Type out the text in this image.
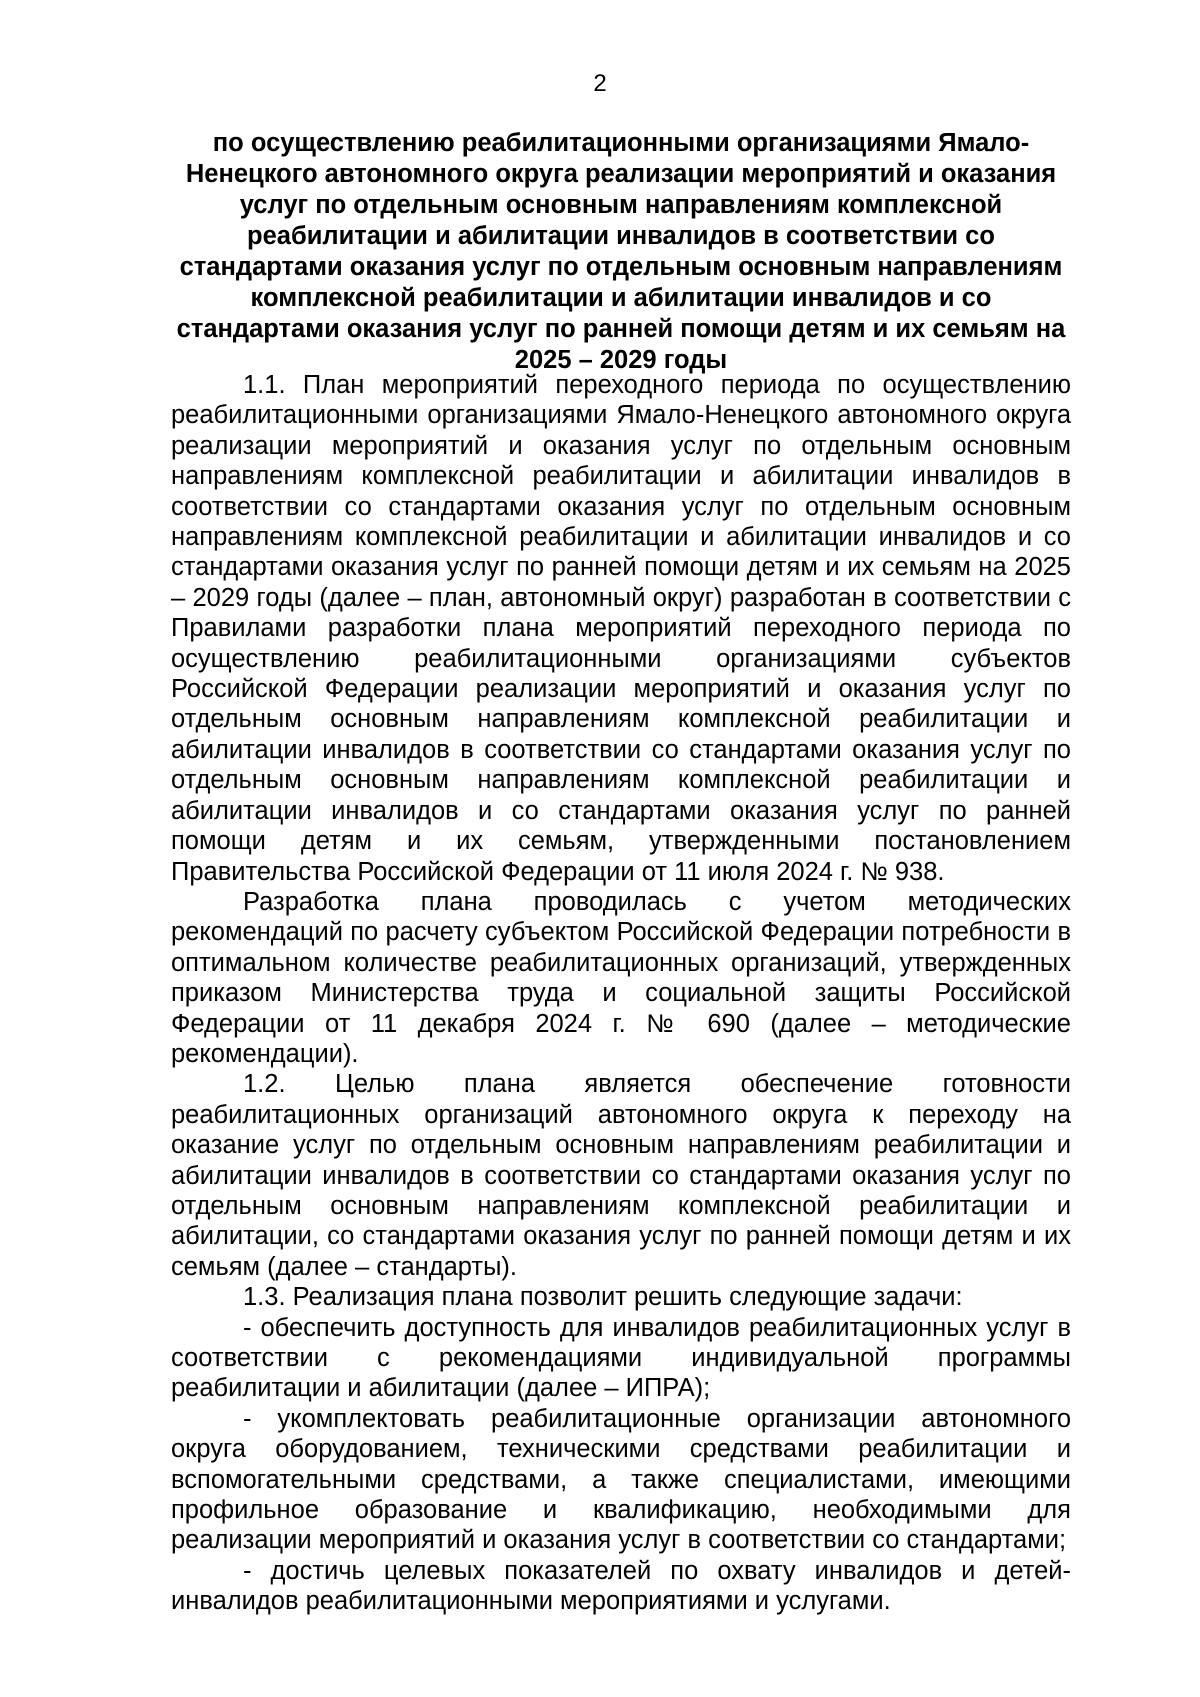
2
по осуществлению реабилитационными организациями Ямало-Ненецкого автономного округа реализации мероприятий и оказания услуг по отдельным основным направлениям комплексной реабилитации и абилитации инвалидов в соответствии со стандартами оказания услуг по отдельным основным направлениям комплексной реабилитации и абилитации инвалидов и со стандартами оказания услуг по ранней помощи детям и их семьям на 2025 – 2029 годы

1.1. План мероприятий переходного периода по осуществлению реабилитационными организациями Ямало-Ненецкого автономного округа реализации мероприятий и оказания услуг по отдельным основным направлениям комплексной реабилитации и абилитации инвалидов в соответствии со стандартами оказания услуг по отдельным основным направлениям комплексной реабилитации и абилитации инвалидов и со стандартами оказания услуг по ранней помощи детям и их семьям на 2025 – 2029 годы (далее – план, автономный округ) разработан в соответствии с Правилами разработки плана мероприятий переходного периода по осуществлению реабилитационными организациями субъектов Российской Федерации реализации мероприятий и оказания услуг по отдельным основным направлениям комплексной реабилитации и абилитации инвалидов в соответствии со стандартами оказания услуг по отдельным основным направлениям комплексной реабилитации и абилитации инвалидов и со стандартами оказания услуг по ранней помощи детям и их семьям, утвержденными постановлением Правительства Российской Федерации от 11 июля 2024 г. № 938.

Разработка плана проводилась с учетом методических рекомендаций по расчету субъектом Российской Федерации потребности в оптимальном количестве реабилитационных организаций, утвержденных приказом Министерства труда и социальной защиты Российской Федерации от 11 декабря 2024 г. № 690 (далее – методические рекомендации).

1.2. Целью плана является обеспечение готовности реабилитационных организаций автономного округа к переходу на оказание услуг по отдельным основным направлениям реабилитации и абилитации инвалидов в соответствии со стандартами оказания услуг по отдельным основным направлениям комплексной реабилитации и абилитации, со стандартами оказания услуг по ранней помощи детям и их семьям (далее – стандарты).

1.3. Реализация плана позволит решить следующие задачи:

- обеспечить доступность для инвалидов реабилитационных услуг в соответствии с рекомендациями индивидуальной программы реабилитации и абилитации (далее – ИПРА);

- укомплектовать реабилитационные организации автономного округа оборудованием, техническими средствами реабилитации и вспомогательными средствами, а также специалистами, имеющими профильное образование и квалификацию, необходимыми для реализации мероприятий и оказания услуг в соответствии со стандартами;

- достичь целевых показателей по охвату инвалидов и детей-инвалидов реабилитационными мероприятиями и услугами.
